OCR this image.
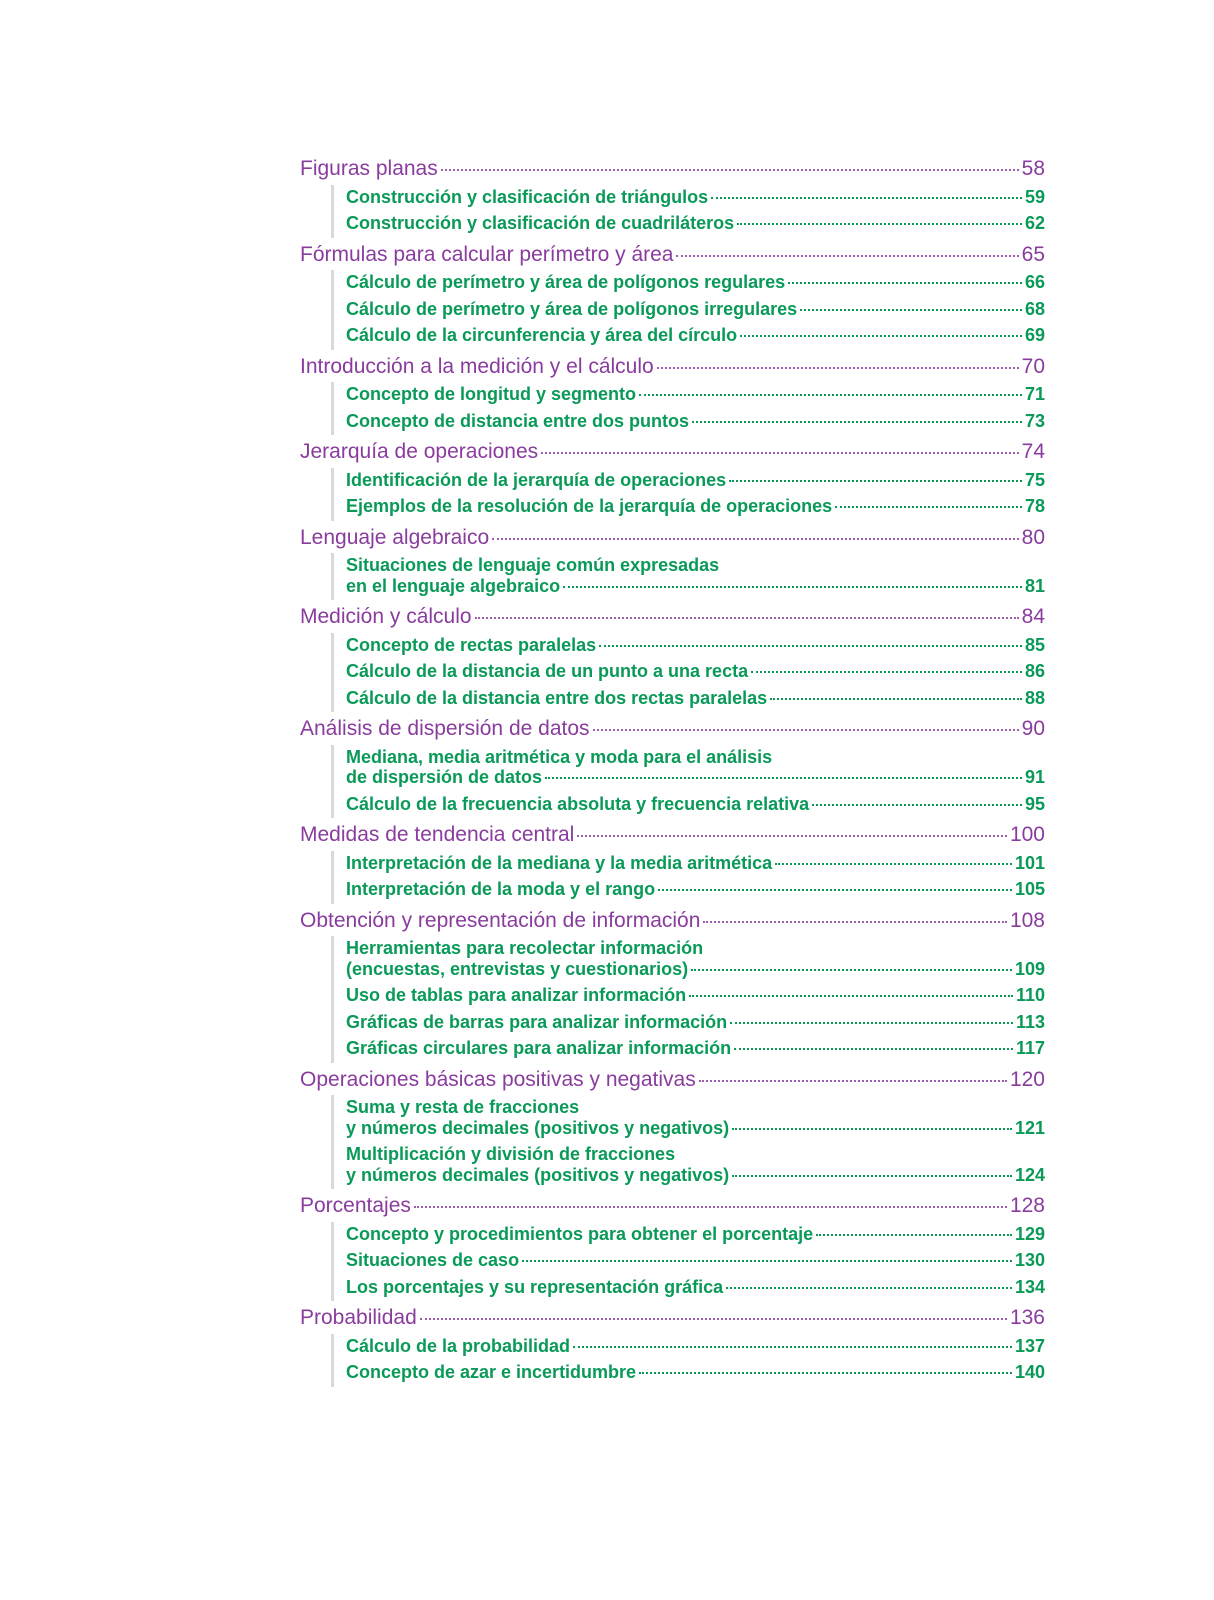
Figuras planas	58
Construcción y clasificación de triángulos	59
Construcción y clasificación de cuadriláteros	62
Fórmulas para calcular perímetro y área	65
Cálculo de perímetro y área de polígonos regulares	66
Cálculo de perímetro y área de polígonos irregulares	68
Cálculo de la circunferencia y área del círculo	69
Introducción a la medición y el cálculo	70
Concepto de longitud y segmento	71
Concepto de distancia entre dos puntos	73
Jerarquía de operaciones	74
Identificación de la jerarquía de operaciones	75
Ejemplos de la resolución de la jerarquía de operaciones	78
Lenguaje algebraico	80
Situaciones de lenguaje común expresadas
en el lenguaje algebraico	81
Medición y cálculo	84
Concepto de rectas paralelas	85
Cálculo de la distancia de un punto a una recta	86
Cálculo de la distancia entre dos rectas paralelas	88
Análisis de dispersión de datos	90
Mediana, media aritmética y moda para el análisis
de dispersión de datos	91
Cálculo de la frecuencia absoluta y frecuencia relativa	95
Medidas de tendencia central	100
Interpretación de la mediana y la media aritmética	101
Interpretación de la moda y el rango	105
Obtención y representación de información	108
Herramientas para recolectar información
(encuestas, entrevistas y cuestionarios)	109
Uso de tablas para analizar información	110
Gráficas de barras para analizar información	113
Gráficas circulares para analizar información	117
Operaciones básicas positivas y negativas	120
Suma y resta de fracciones
y números decimales (positivos y negativos)	121
Multiplicación y división de fracciones
y números decimales (positivos y negativos)	124
Porcentajes	128
Concepto y procedimientos para obtener el porcentaje	129
Situaciones de caso	130
Los porcentajes y su representación gráfica	134
Probabilidad	136
Cálculo de la probabilidad	137
Concepto de azar e incertidumbre	140
